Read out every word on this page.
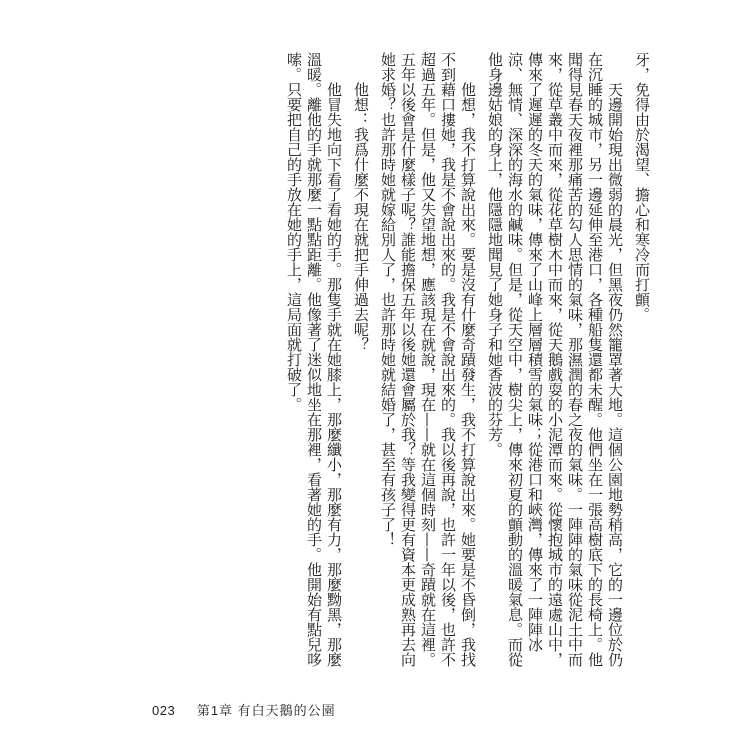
牙，免得由於渴望、擔心和寒冷而打顫。

天邊開始現出微弱的晨光，但黑夜仍然籠罩著大地。這個公園地勢稍高，它的一邊位於仍在沉睡的城市，另一邊延伸至港口，各種船隻還都未醒。他們坐在一張高樹底下的長椅上。他聞得見春天夜裡那痛苦的勾人思情的氣味，那濕潤的春之夜的氣味。一陣陣的氣味從泥土中而來，從草叢中而來，從花草樹木中而來，從天鵝戲耍的小泥潭而來。從懷抱城市的遠處山中，傳來了遲遲的冬天的氣味，傳來了山峰上層層積雪的氣味；從港口和峽灣，傳來了一陣陣冰涼、無情、深深的海水的鹹味。但是，從天空中，樹尖上，傳來初夏的顫動的溫暖氣息。而從他身邊姑娘的身上，他隱隱地聞見了她身子和她香波的芬芳。

他想，我不打算說出來。要是沒有什麼奇蹟發生，我不打算說出來。她要是不昏倒，我找不到藉口摟她，我是不會說出來的。我是不會說出來的。我以後再說，也許一年以後，也許不超過五年。但是，他又失望地想，應該現在就說，現在——就在這個時刻——奇蹟就在這裡。五年以後會是什麼樣子呢？誰能擔保五年以後她還會屬於我？等我變得更有資本更成熟再去向她求婚？也許那時她就嫁給別人了，也許那時她就結婚了，甚至有孩子了！

他想：我爲什麼不現在就把手伸過去呢？

他冒失地向下看了看她的手。那隻手就在她膝上，那麼纖小，那麼有力，那麼黝黑，那麼溫暖。離他的手就那麼一點點距離。他像著了迷似地坐在那裡，看著她的手。他開始有點兒哆嗦。只要把自己的手放在她的手上，這局面就打破了。

023 第1章 有白天鵝的公園
